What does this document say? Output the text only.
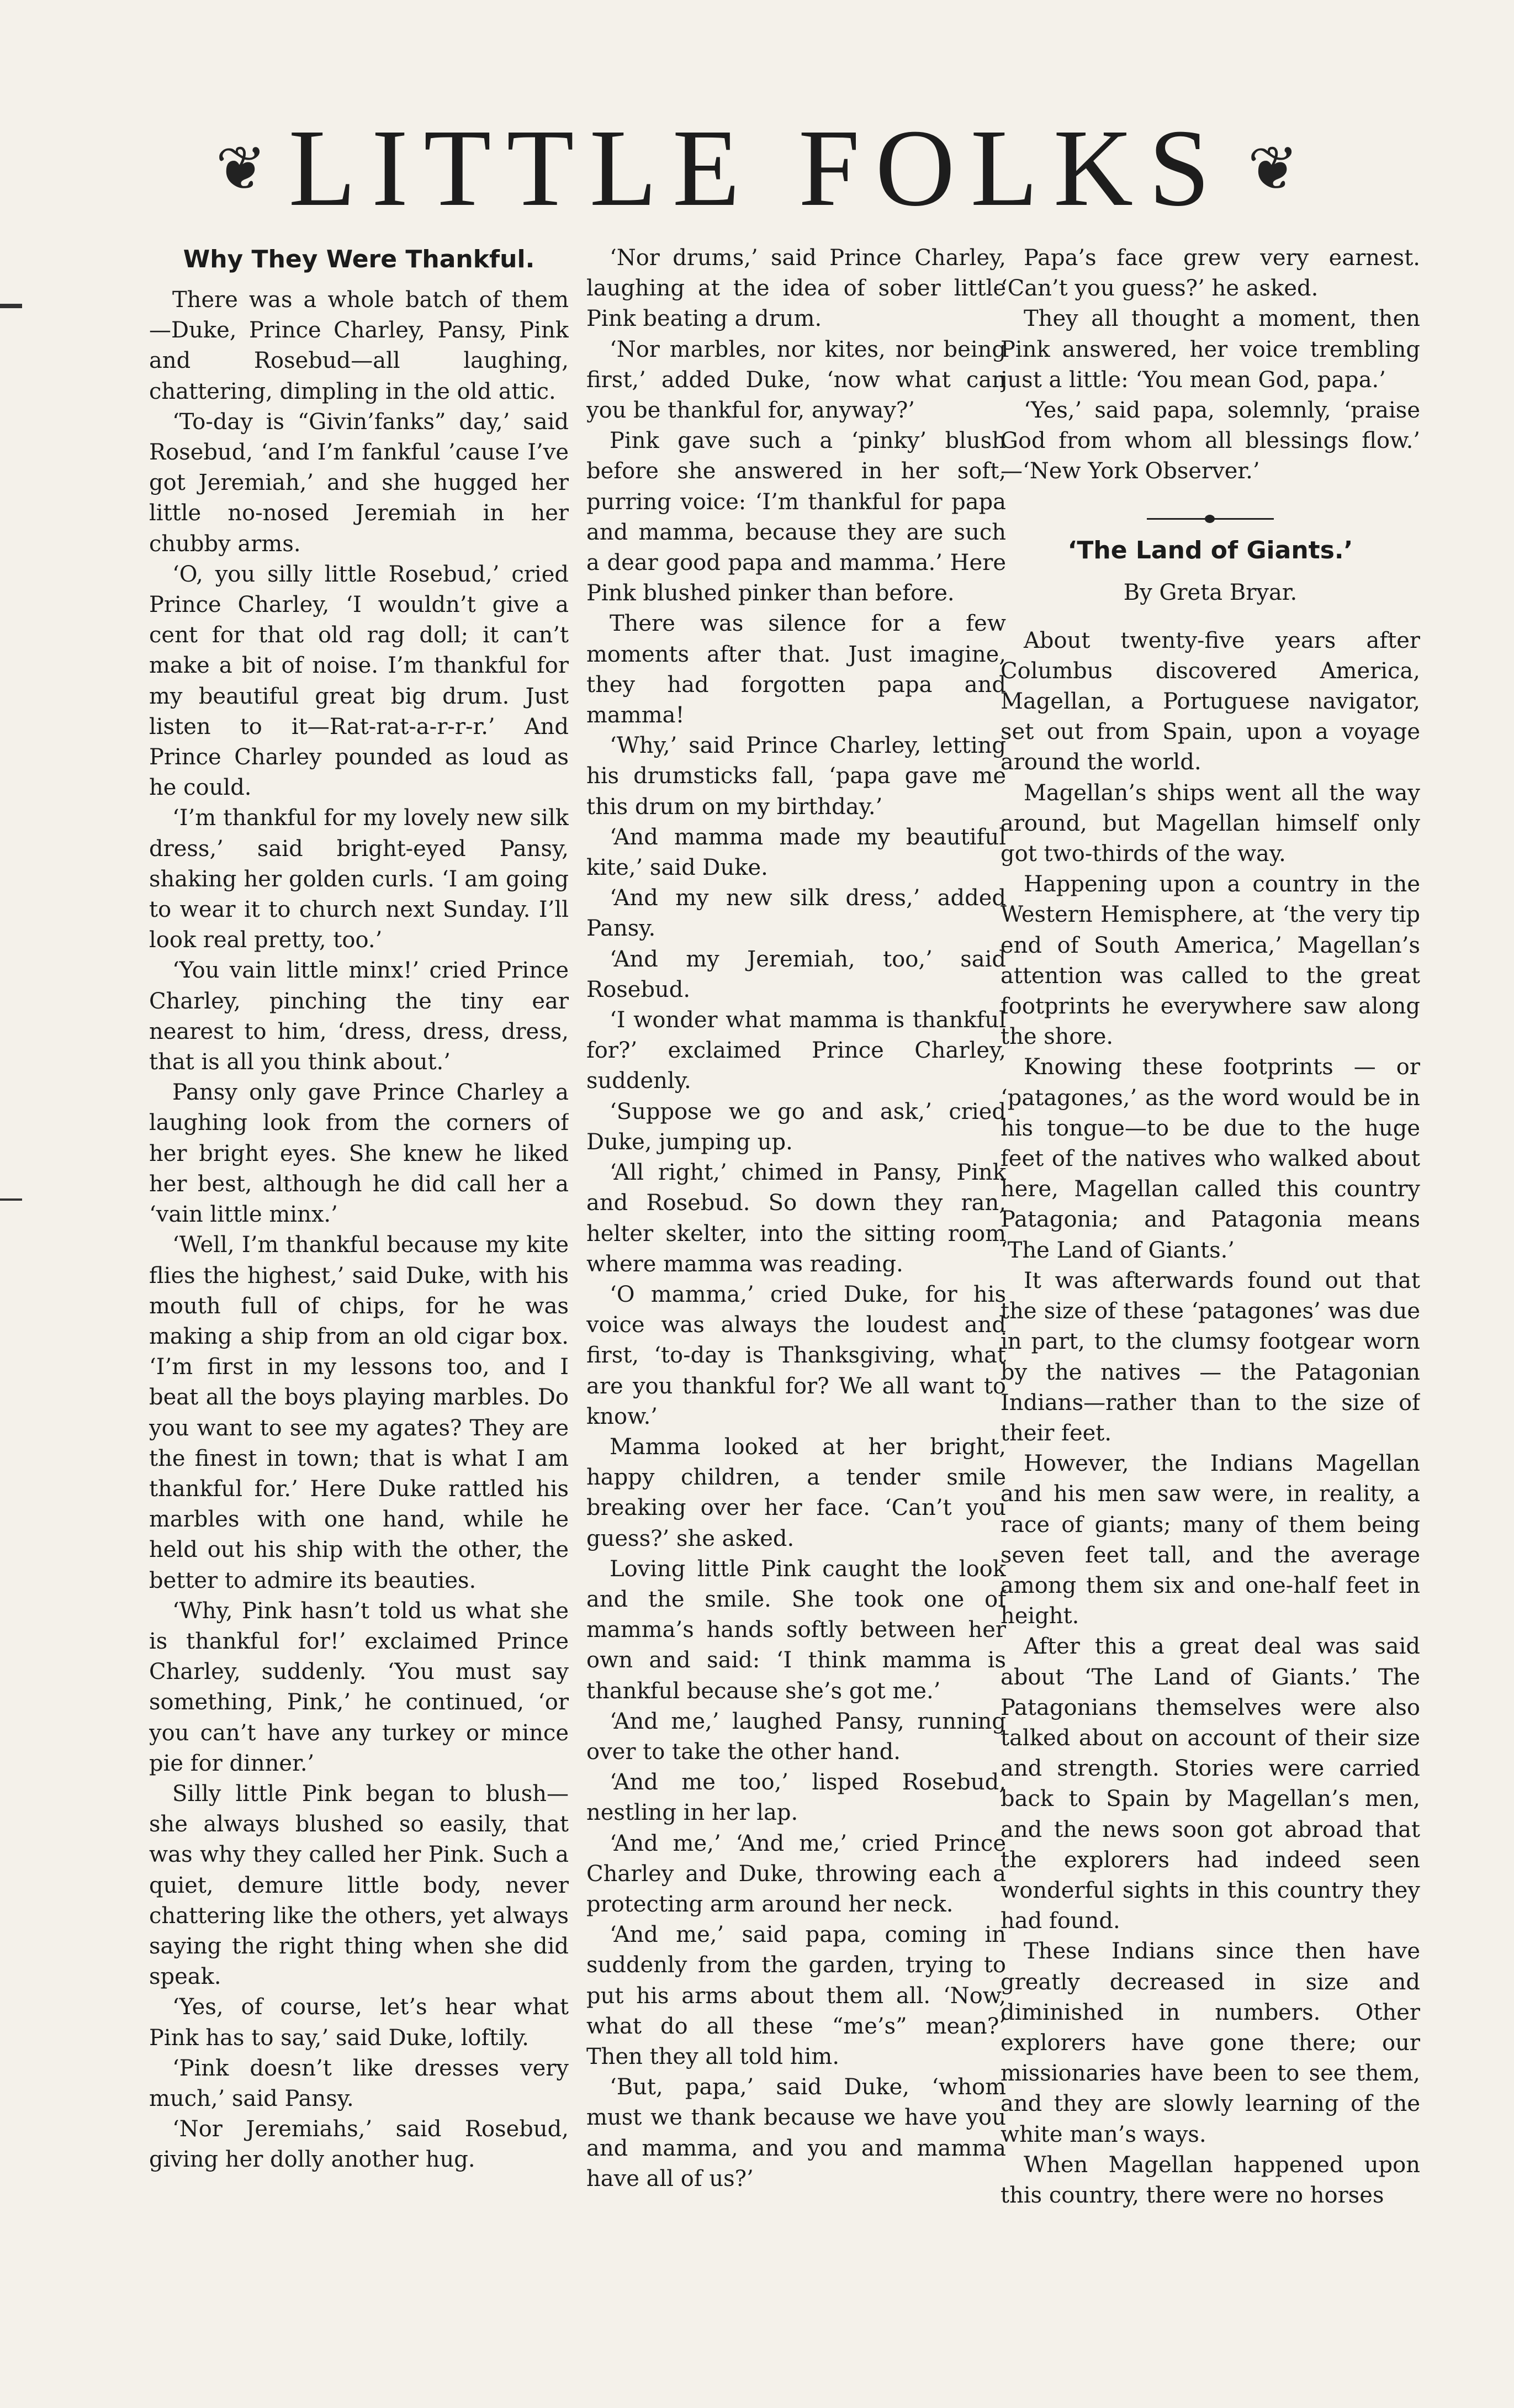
❦ LITTLE FOLKS ❦
Why They Were Thankful.

There was a whole batch of them —Duke, Prince Charley, Pansy, Pink and Rosebud—all laughing, chattering, dimpling in the old attic.

‘To-day is “Givin’fanks” day,’ said Rosebud, ‘and I’m fankful ’cause I’ve got Jeremiah,’ and she hugged her little no-nosed Jeremiah in her chubby arms.

‘O, you silly little Rosebud,’ cried Prince Charley, ‘I wouldn’t give a cent for that old rag doll; it can’t make a bit of noise. I’m thankful for my beautiful great big drum. Just listen to it—Rat-rat-a-r-r-r.’ And Prince Charley pounded as loud as he could.

‘I’m thankful for my lovely new silk dress,’ said bright-eyed Pansy, shaking her golden curls. ‘I am going to wear it to church next Sunday. I’ll look real pretty, too.’

‘You vain little minx!’ cried Prince Charley, pinching the tiny ear nearest to him, ‘dress, dress, dress, that is all you think about.’

Pansy only gave Prince Charley a laughing look from the corners of her bright eyes. She knew he liked her best, although he did call her a ‘vain little minx.’

‘Well, I’m thankful because my kite flies the highest,’ said Duke, with his mouth full of chips, for he was making a ship from an old cigar box. ‘I’m first in my lessons too, and I beat all the boys playing marbles. Do you want to see my agates? They are the finest in town; that is what I am thankful for.’ Here Duke rattled his marbles with one hand, while he held out his ship with the other, the better to admire its beauties.

‘Why, Pink hasn’t told us what she is thankful for!’ exclaimed Prince Charley, suddenly. ‘You must say something, Pink,’ he continued, ‘or you can’t have any turkey or mince pie for dinner.’

Silly little Pink began to blush—she always blushed so easily, that was why they called her Pink. Such a quiet, demure little body, never chattering like the others, yet always saying the right thing when she did speak.

‘Yes, of course, let’s hear what Pink has to say,’ said Duke, loftily.

‘Pink doesn’t like dresses very much,’ said Pansy.

‘Nor Jeremiahs,’ said Rosebud, giving her dolly another hug.

‘Nor drums,’ said Prince Charley, laughing at the idea of sober little Pink beating a drum.

‘Nor marbles, nor kites, nor being first,’ added Duke, ‘now what can you be thankful for, anyway?’

Pink gave such a ‘pinky’ blush before she answered in her soft, purring voice: ‘I’m thankful for papa and mamma, because they are such a dear good papa and mamma.’ Here Pink blushed pinker than before.

There was silence for a few moments after that. Just imagine, they had forgotten papa and mamma!

‘Why,’ said Prince Charley, letting his drumsticks fall, ‘papa gave me this drum on my birthday.’

‘And mamma made my beautiful kite,’ said Duke.

‘And my new silk dress,’ added Pansy.

‘And my Jeremiah, too,’ said Rosebud.

‘I wonder what mamma is thankful for?’ exclaimed Prince Charley, suddenly.

‘Suppose we go and ask,’ cried Duke, jumping up.

‘All right,’ chimed in Pansy, Pink and Rosebud. So down they ran, helter skelter, into the sitting room where mamma was reading.

‘O mamma,’ cried Duke, for his voice was always the loudest and first, ‘to-day is Thanksgiving, what are you thankful for? We all want to know.’

Mamma looked at her bright, happy children, a tender smile breaking over her face. ‘Can’t you guess?’ she asked.

Loving little Pink caught the look and the smile. She took one of mamma’s hands softly between her own and said: ‘I think mamma is thankful because she’s got me.’

‘And me,’ laughed Pansy, running over to take the other hand.

‘And me too,’ lisped Rosebud, nestling in her lap.

‘And me,’ ‘And me,’ cried Prince Charley and Duke, throwing each a protecting arm around her neck.

‘And me,’ said papa, coming in suddenly from the garden, trying to put his arms about them all. ‘Now, what do all these “me’s” mean?’ Then they all told him.

‘But, papa,’ said Duke, ‘whom must we thank because we have you and mamma, and you and mamma have all of us?’

Papa’s face grew very earnest. ‘Can’t you guess?’ he asked.

They all thought a moment, then Pink answered, her voice trembling just a little: ‘You mean God, papa.’

‘Yes,’ said papa, solemnly, ‘praise God from whom all blessings flow.’ —‘New York Observer.’

‘The Land of Giants.’
By Greta Bryar.

About twenty-five years after Columbus discovered America, Magellan, a Portuguese navigator, set out from Spain, upon a voyage around the world.

Magellan’s ships went all the way around, but Magellan himself only got two-thirds of the way.

Happening upon a country in the Western Hemisphere, at ‘the very tip end of South America,’ Magellan’s attention was called to the great footprints he everywhere saw along the shore.

Knowing these footprints — or ‘patagones,’ as the word would be in his tongue—to be due to the huge feet of the natives who walked about here, Magellan called this country Patagonia; and Patagonia means ‘The Land of Giants.’

It was afterwards found out that the size of these ‘patagones’ was due in part, to the clumsy footgear worn by the natives — the Patagonian Indians—rather than to the size of their feet.

However, the Indians Magellan and his men saw were, in reality, a race of giants; many of them being seven feet tall, and the average among them six and one-half feet in height.

After this a great deal was said about ‘The Land of Giants.’ The Patagonians themselves were also talked about on account of their size and strength. Stories were carried back to Spain by Magellan’s men, and the news soon got abroad that the explorers had indeed seen wonderful sights in this country they had found.

These Indians since then have greatly decreased in size and diminished in numbers. Other explorers have gone there; our missionaries have been to see them, and they are slowly learning of the white man’s ways.

When Magellan happened upon this country, there were no horses
